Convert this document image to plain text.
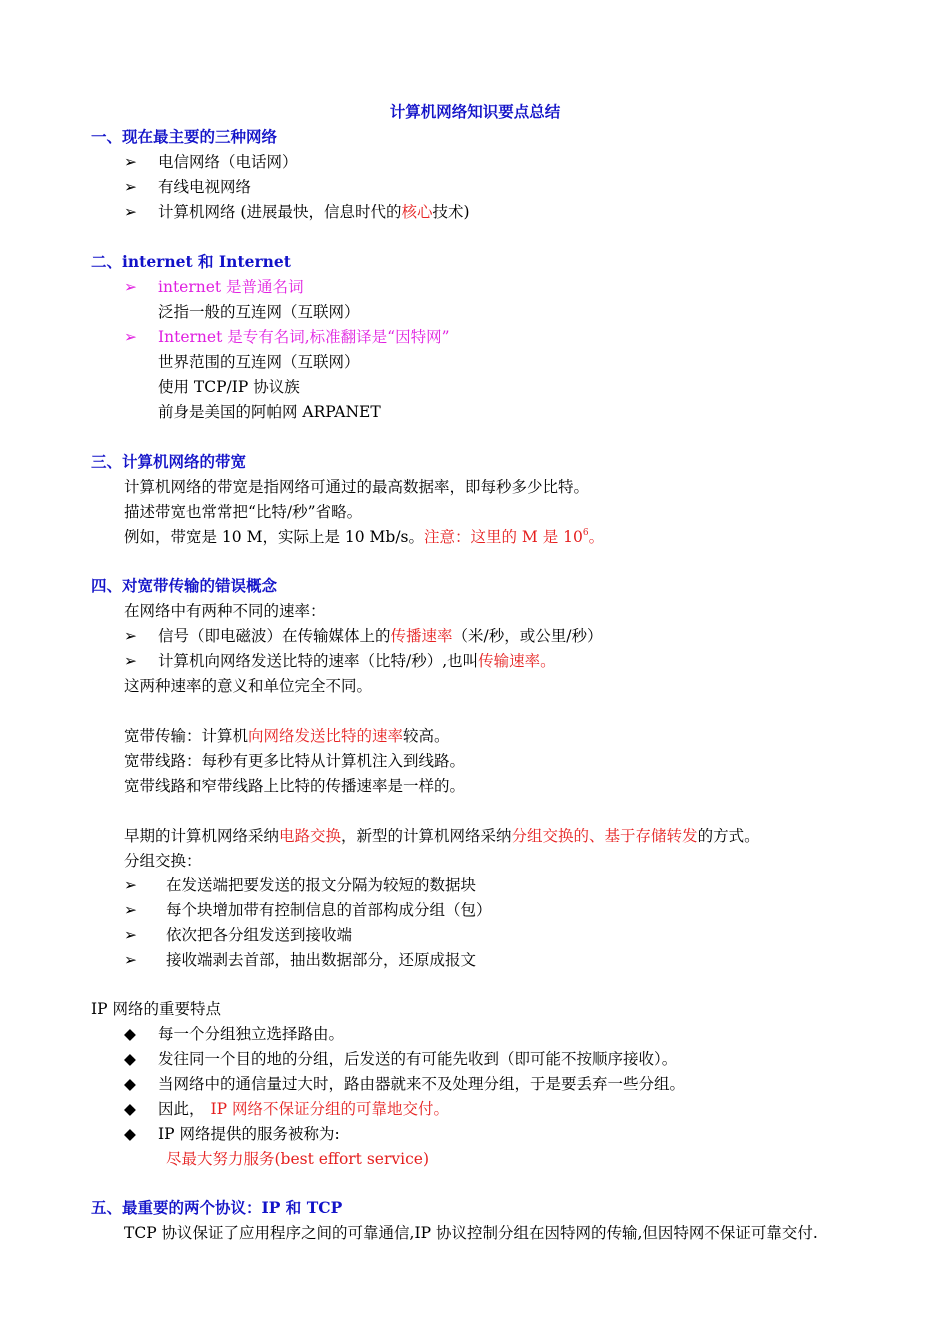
计算机网络知识要点总结
一、现在最主要的三种网络
➢ 电信网络（电话网）
➢ 有线电视网络
➢ 计算机网络 (进展最快，信息时代的核心技术)
二、internet 和 Internet
➢ internet 是普通名词
泛指一般的互连网（互联网）
➢ Internet 是专有名词,标准翻译是“因特网”
世界范围的互连网（互联网）
使用 TCP/IP 协议族
前身是美国的阿帕网 ARPANET
三、计算机网络的带宽
计算机网络的带宽是指网络可通过的最高数据率，即每秒多少比特。
描述带宽也常常把“比特/秒”省略。
例如，带宽是 10 M，实际上是 10 Mb/s。注意：这里的 M 是 $10^6$。
四、对宽带传输的错误概念
在网络中有两种不同的速率：
➢ 信号（即电磁波）在传输媒体上的传播速率（米/秒，或公里/秒）
➢ 计算机向网络发送比特的速率（比特/秒）,也叫传输速率。
这两种速率的意义和单位完全不同。
宽带传输：计算机向网络发送比特的速率较高。
宽带线路：每秒有更多比特从计算机注入到线路。
宽带线路和窄带线路上比特的传播速率是一样的。
早期的计算机网络采纳电路交换，新型的计算机网络采纳分组交换的、基于存储转发的方式。
分组交换：
➢ 在发送端把要发送的报文分隔为较短的数据块
➢ 每个块增加带有控制信息的首部构成分组（包）
➢ 依次把各分组发送到接收端
➢ 接收端剥去首部，抽出数据部分，还原成报文
IP 网络的重要特点
◆ 每一个分组独立选择路由。
◆ 发往同一个目的地的分组，后发送的有可能先收到（即可能不按顺序接收）。
◆ 当网络中的通信量过大时，路由器就来不及处理分组，于是要丢弃一些分组。
◆ 因此， IP 网络不保证分组的可靠地交付。
◆ IP 网络提供的服务被称为:
尽最大努力服务(best effort service)
五、最重要的两个协议：IP 和 TCP
TCP 协议保证了应用程序之间的可靠通信,IP 协议控制分组在因特网的传输,但因特网不保证可靠交付.
